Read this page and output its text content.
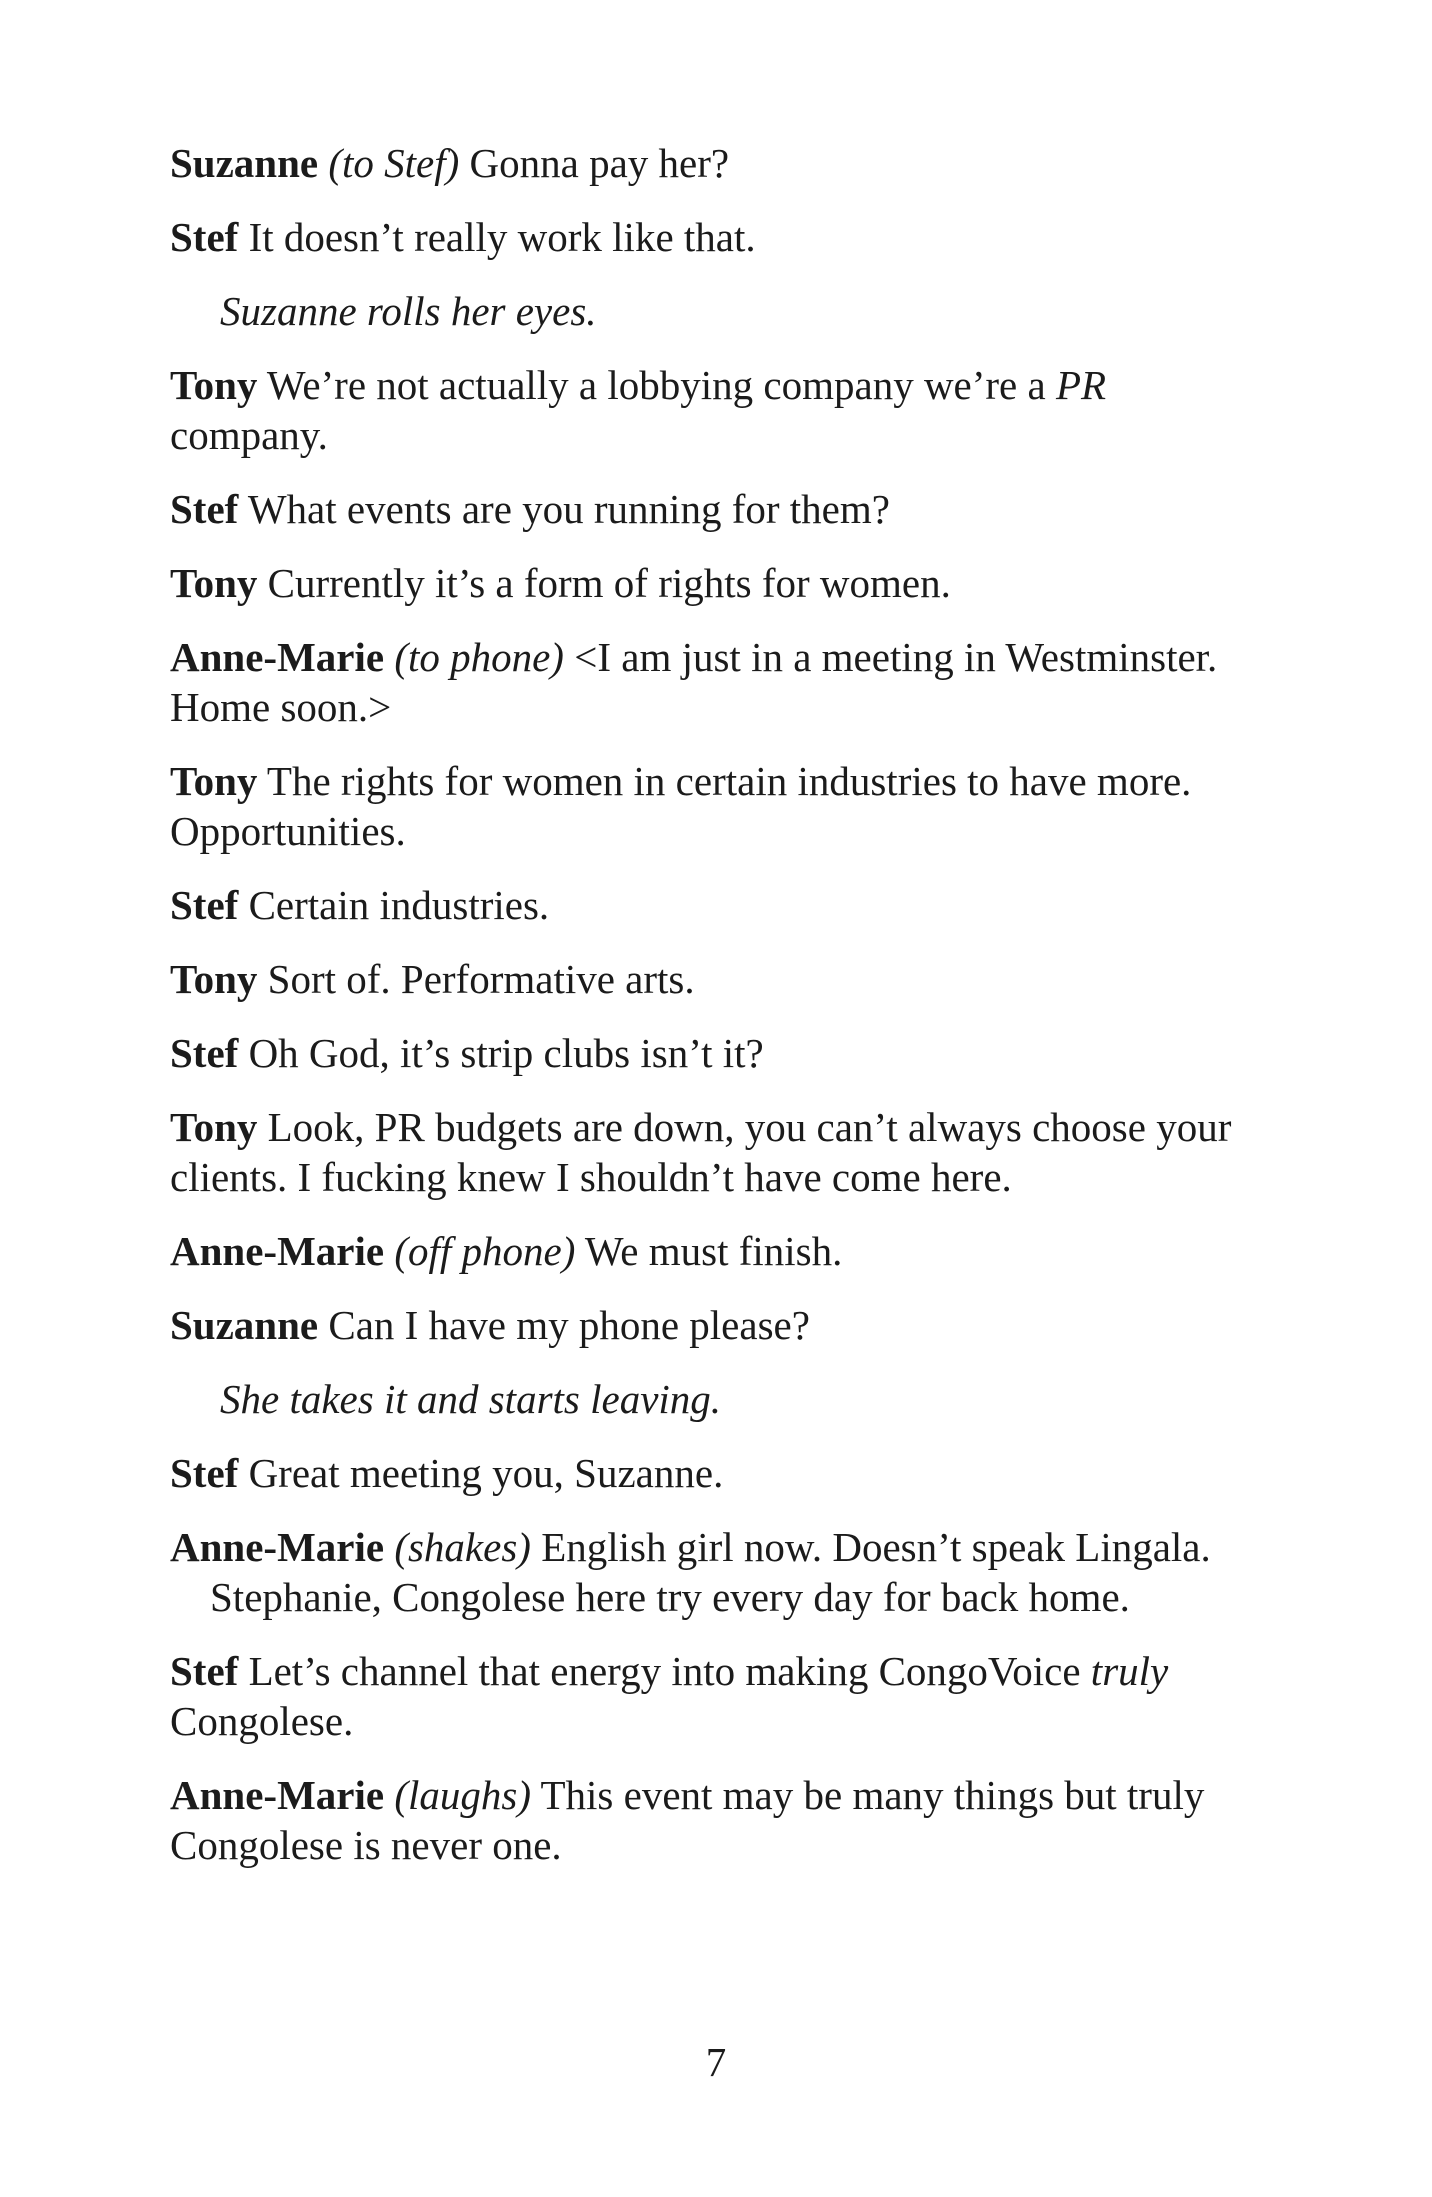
Suzanne (to Stef) Gonna pay her?

Stef It doesn’t really work like that.

Suzanne rolls her eyes.

Tony We’re not actually a lobbying company we’re a PR company.

Stef What events are you running for them?

Tony Currently it’s a form of rights for women.

Anne-Marie (to phone) <I am just in a meeting in Westminster. Home soon.>

Tony The rights for women in certain industries to have more. Opportunities.

Stef Certain industries.

Tony Sort of. Performative arts.

Stef Oh God, it’s strip clubs isn’t it?

Tony Look, PR budgets are down, you can’t always choose your clients. I fucking knew I shouldn’t have come here.

Anne-Marie (off phone) We must finish.

Suzanne Can I have my phone please?

She takes it and starts leaving.

Stef Great meeting you, Suzanne.

Anne-Marie (shakes) English girl now. Doesn’t speak Lingala.
Stephanie, Congolese here try every day for back home.

Stef Let’s channel that energy into making CongoVoice truly Congolese.

Anne-Marie (laughs) This event may be many things but truly Congolese is never one.

7
